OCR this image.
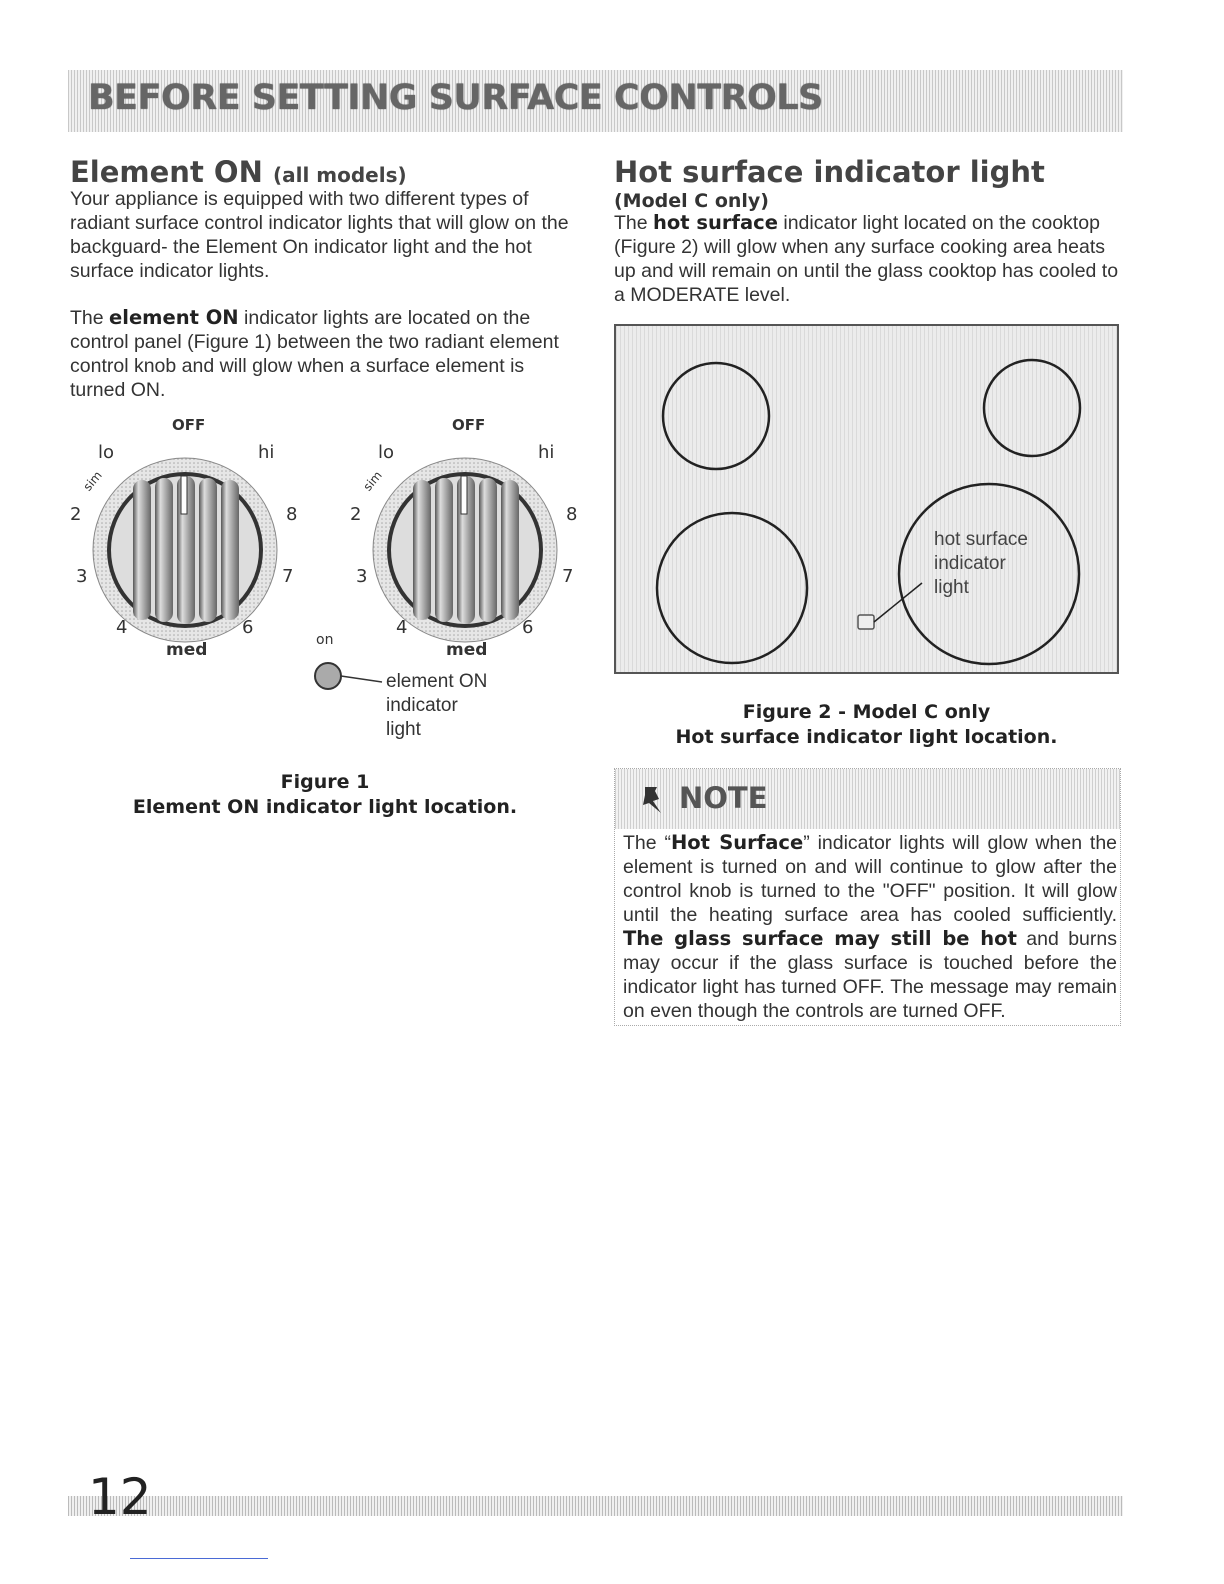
BEFORE SETTING SURFACE CONTROLS
Element ON (all models)
Your appliance is equipped with two different types of radiant surface control indicator lights that will glow on the backguard- the Element On indicator light and the hot surface indicator lights.
The element ON indicator lights are located on the control panel (Figure 1) between the two radiant element control knob and will glow when a surface element is turned ON.
Hot surface indicator light
(Model C only)
The hot surface indicator light located on the cooktop (Figure 2) will glow when any surface cooking area heats up and will remain on until the glass cooktop has cooled to a MODERATE level.
OFF
lo	hi
sim
2	8
3	7
4	6
med
OFF
lo	hi
sim
2	8
3	7
4	6
med
on
element ON
indicator
light
Figure 1
Element ON indicator light location.
hot surface
indicator
light
Figure 2 - Model C only
Hot surface indicator light location.
NOTE
The “Hot Surface” indicator lights will glow when the element is turned on and will continue to glow after the control knob is turned to the "OFF" position. It will glow until the heating surface area has cooled sufficiently. The glass surface may still be hot and burns may occur if the glass surface is touched before the indicator light has turned OFF. The message may remain on even though the controls are turned OFF.
12
